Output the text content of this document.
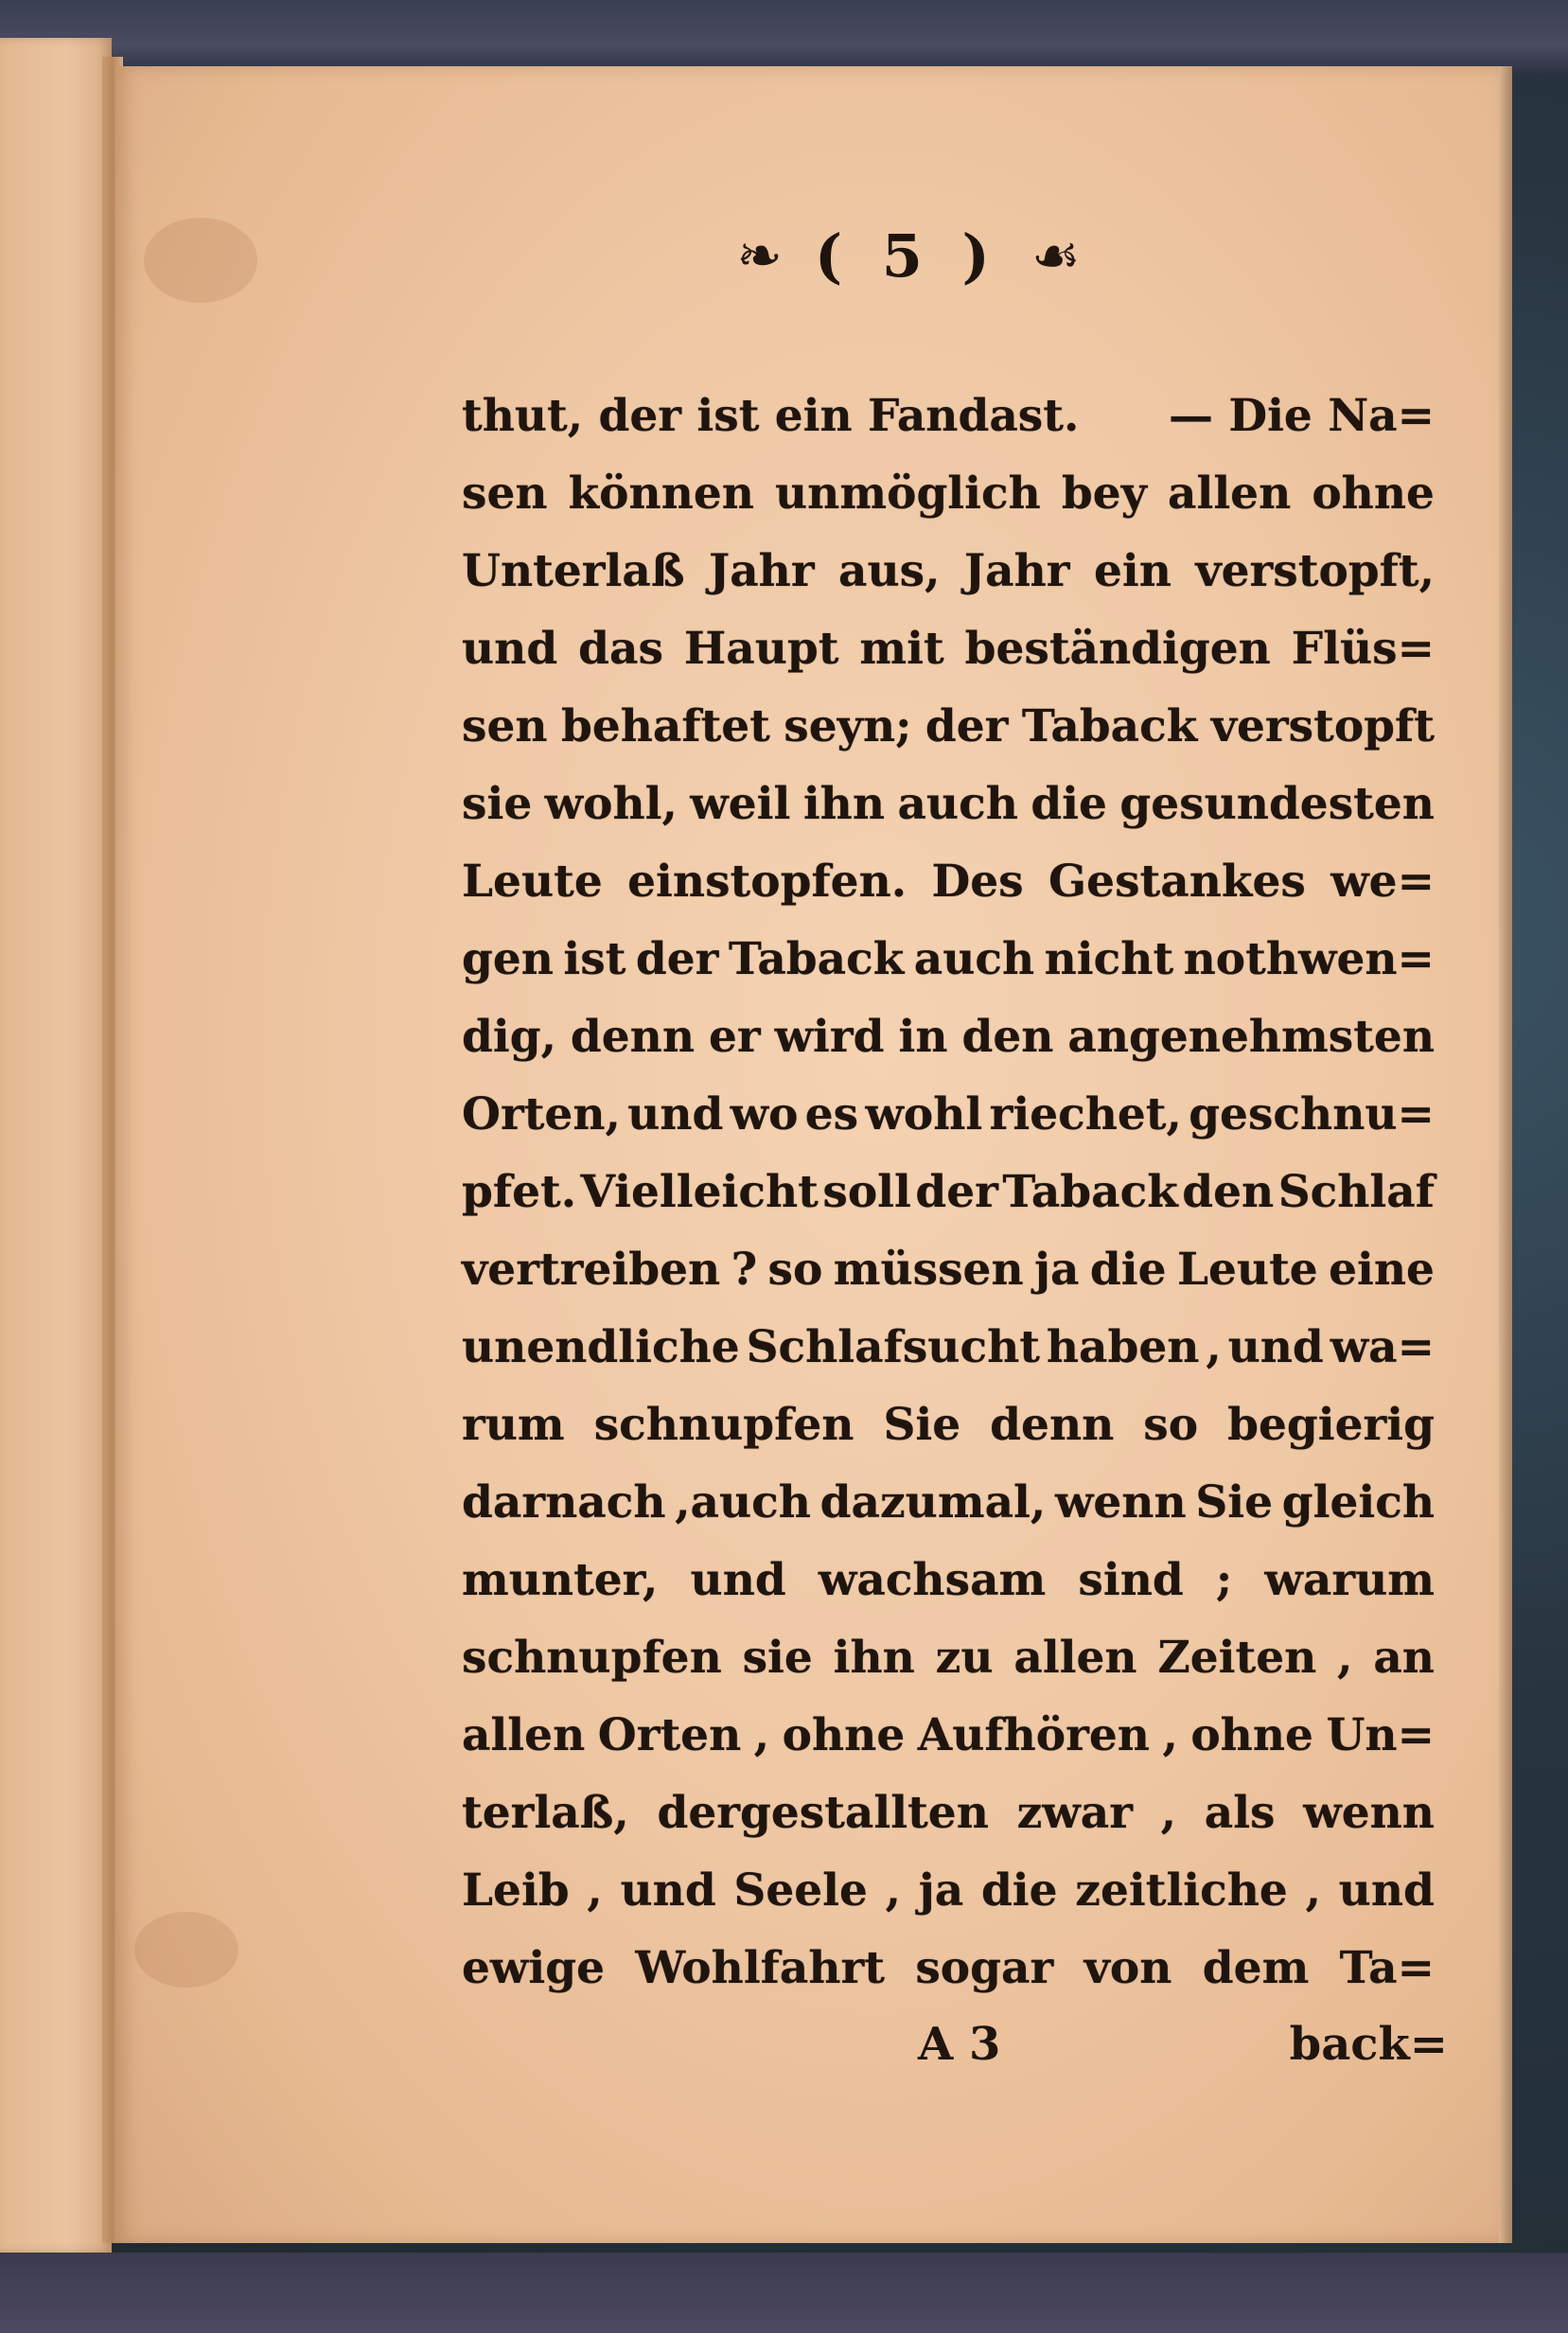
❧ ( 5 ) ☙
thut, der ist ein Fandast. — Die Na=
sen können unmöglich bey allen ohne
Unterlaß Jahr aus, Jahr ein verstopft,
und das Haupt mit beständigen Flüs=
sen behaftet seyn; der Taback verstopft
sie wohl, weil ihn auch die gesundesten
Leute einstopfen. Des Gestankes we=
gen ist der Taback auch nicht nothwen=
dig, denn er wird in den angenehmsten
Orten, und wo es wohl riechet, geschnu=
pfet. Vielleicht soll der Taback den Schlaf
vertreiben ? so müssen ja die Leute eine
unendliche Schlafsucht haben , und wa=
rum schnupfen Sie denn so begierig
darnach ,auch dazumal, wenn Sie gleich
munter, und wachsam sind ; warum
schnupfen sie ihn zu allen Zeiten , an
allen Orten , ohne Aufhören , ohne Un=
terlaß, dergestallten zwar , als wenn
Leib , und Seele , ja die zeitliche , und
ewige Wohlfahrt sogar von dem Ta=
A 3	back=
